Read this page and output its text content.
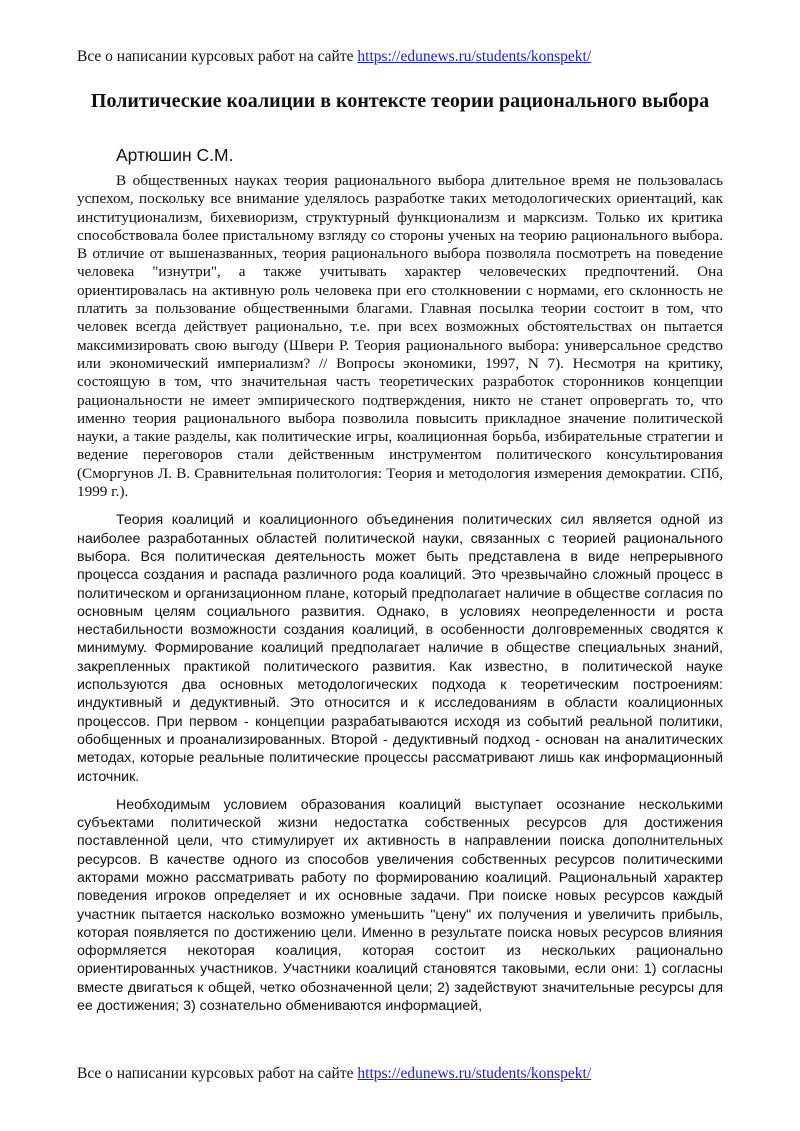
Все о написании курсовых работ на сайте https://edunews.ru/students/konspekt/
Политические коалиции в контексте теории рационального выбора
Артюшин С.М.

В общественных науках теория рационального выбора длительное время не пользовалась успехом, поскольку все внимание уделялось разработке таких методологических ориентаций, как институционализм, бихевиоризм, структурный функционализм и марксизм. Только их критика способствовала более пристальному взгляду со стороны ученых на теорию рационального выбора. В отличие от вышеназванных, теория рационального выбора позволяла посмотреть на поведение человека "изнутри", а также учитывать характер человеческих предпочтений. Она ориентировалась на активную роль человека при его столкновении с нормами, его склонность не платить за пользование общественными благами. Главная посылка теории состоит в том, что человек всегда действует рационально, т.е. при всех возможных обстоятельствах он пытается максимизировать свою выгоду (Швери Р. Теория рационального выбора: универсальное средство или экономический империализм? // Вопросы экономики, 1997, N 7). Несмотря на критику, состоящую в том, что значительная часть теоретических разработок сторонников концепции рациональности не имеет эмпирического подтверждения, никто не станет опровергать то, что именно теория рационального выбора позволила повысить прикладное значение политической науки, а такие разделы, как политические игры, коалиционная борьба, избирательные стратегии и ведение переговоров стали действенным инструментом политического консультирования (Сморгунов Л. В. Сравнительная политология: Теория и методология измерения демократии. СПб, 1999 г.).

Теория коалиций и коалиционного объединения политических сил является одной из наиболее разработанных областей политической науки, связанных с теорией рационального выбора. Вся политическая деятельность может быть представлена в виде непрерывного процесса создания и распада различного рода коалиций. Это чрезвычайно сложный процесс в политическом и организационном плане, который предполагает наличие в обществе согласия по основным целям социального развития. Однако, в условиях неопределенности и роста нестабильности возможности создания коалиций, в особенности долговременных сводятся к минимуму. Формирование коалиций предполагает наличие в обществе специальных знаний, закрепленных практикой политического развития. Как известно, в политической науке используются два основных методологических подхода к теоретическим построениям: индуктивный и дедуктивный. Это относится и к исследованиям в области коалиционных процессов. При первом - концепции разрабатываются исходя из событий реальной политики, обобщенных и проанализированных. Второй - дедуктивный подход - основан на аналитических методах, которые реальные политические процессы рассматривают лишь как информационный источник.

Необходимым условием образования коалиций выступает осознание несколькими субъектами политической жизни недостатка собственных ресурсов для достижения поставленной цели, что стимулирует их активность в направлении поиска дополнительных ресурсов. В качестве одного из способов увеличения собственных ресурсов политическими акторами можно рассматривать работу по формированию коалиций. Рациональный характер поведения игроков определяет и их основные задачи. При поиске новых ресурсов каждый участник пытается насколько возможно уменьшить "цену" их получения и увеличить прибыль, которая появляется по достижению цели. Именно в результате поиска новых ресурсов влияния оформляется некоторая коалиция, которая состоит из нескольких рационально ориентированных участников. Участники коалиций становятся таковыми, если они: 1) согласны вместе двигаться к общей, четко обозначенной цели; 2) задействуют значительные ресурсы для ее достижения; 3) сознательно обмениваются информацией,

Все о написании курсовых работ на сайте https://edunews.ru/students/konspekt/
